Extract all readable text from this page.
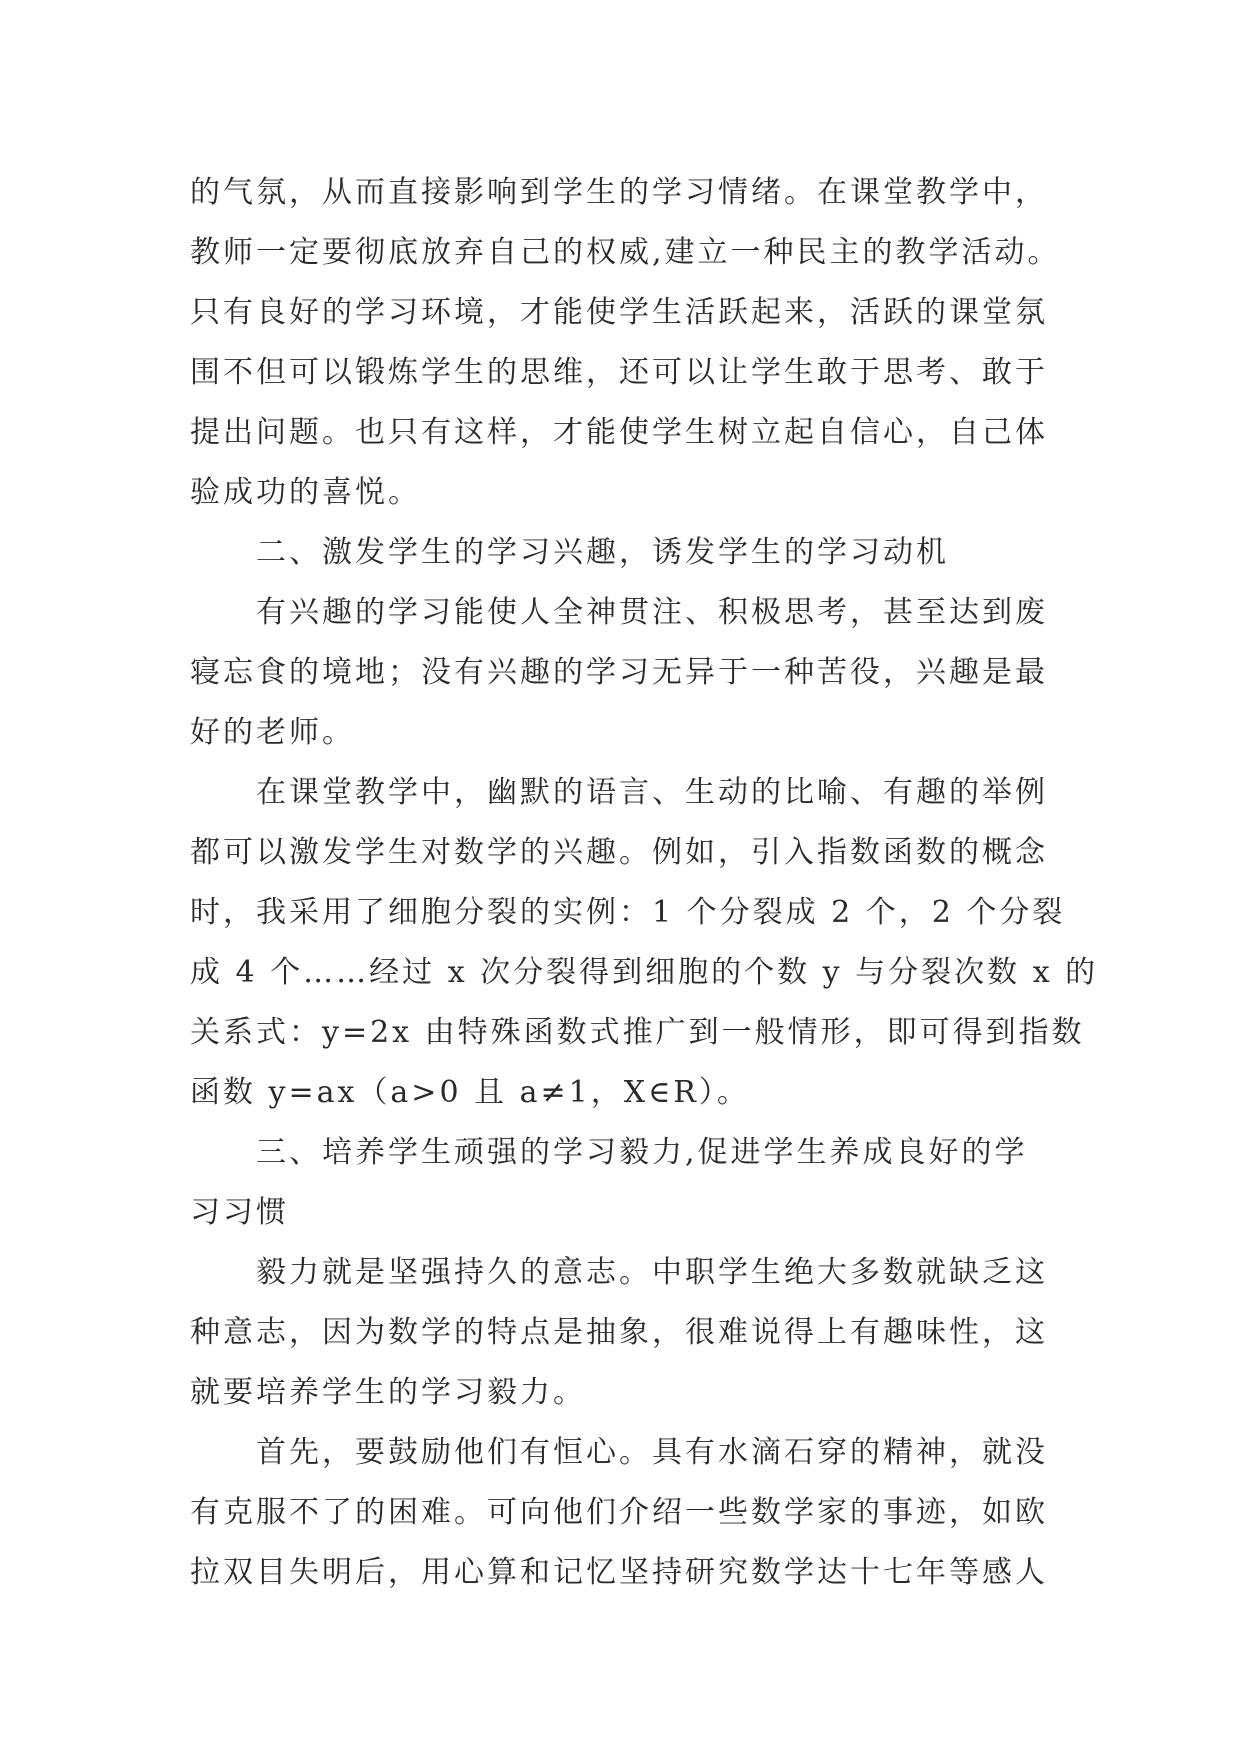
的气氛，从而直接影响到学生的学习情绪。在课堂教学中，
教师一定要彻底放弃自己的权威,建立一种民主的教学活动。
只有良好的学习环境，才能使学生活跃起来，活跃的课堂氛
围不但可以锻炼学生的思维，还可以让学生敢于思考、敢于
提出问题。也只有这样，才能使学生树立起自信心，自己体
验成功的喜悦。
二、激发学生的学习兴趣，诱发学生的学习动机
有兴趣的学习能使人全神贯注、积极思考，甚至达到废
寝忘食的境地；没有兴趣的学习无异于一种苦役，兴趣是最
好的老师。
在课堂教学中，幽默的语言、生动的比喻、有趣的举例
都可以激发学生对数学的兴趣。例如，引入指数函数的概念
时，我采用了细胞分裂的实例：1 个分裂成 2 个，2 个分裂
成 4 个……经过 x 次分裂得到细胞的个数 y 与分裂次数 x 的
关系式：y=2x 由特殊函数式推广到一般情形，即可得到指数
函数 y=ax（a>0 且 a≠1，X∈R）。
三、培养学生顽强的学习毅力,促进学生养成良好的学
习习惯
毅力就是坚强持久的意志。中职学生绝大多数就缺乏这
种意志，因为数学的特点是抽象，很难说得上有趣味性，这
就要培养学生的学习毅力。
首先，要鼓励他们有恒心。具有水滴石穿的精神，就没
有克服不了的困难。可向他们介绍一些数学家的事迹，如欧
拉双目失明后，用心算和记忆坚持研究数学达十七年等感人
